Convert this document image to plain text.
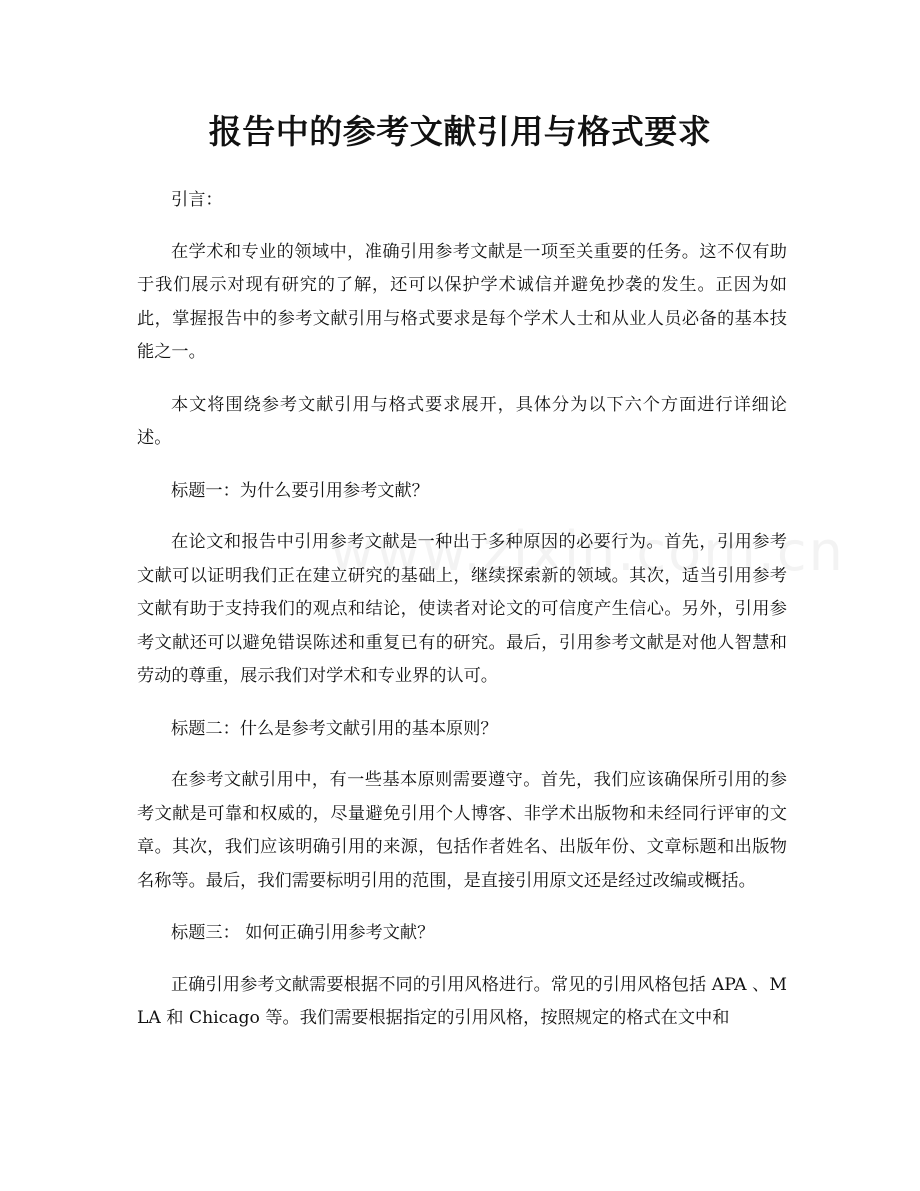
报告中的参考文献引用与格式要求

引言：

在学术和专业的领域中，准确引用参考文献是一项至关重要的任务。这不仅有助于我们展示对现有研究的了解，还可以保护学术诚信并避免抄袭的发生。正因为如此，掌握报告中的参考文献引用与格式要求是每个学术人士和从业人员必备的基本技能之一。

本文将围绕参考文献引用与格式要求展开，具体分为以下六个方面进行详细论述。

标题一：为什么要引用参考文献？

在论文和报告中引用参考文献是一种出于多种原因的必要行为。首先，引用参考文献可以证明我们正在建立研究的基础上，继续探索新的领域。其次，适当引用参考文献有助于支持我们的观点和结论，使读者对论文的可信度产生信心。另外，引用参考文献还可以避免错误陈述和重复已有的研究。最后，引用参考文献是对他人智慧和劳动的尊重，展示我们对学术和专业界的认可。

标题二：什么是参考文献引用的基本原则？

在参考文献引用中，有一些基本原则需要遵守。首先，我们应该确保所引用的参考文献是可靠和权威的，尽量避免引用个人博客、非学术出版物和未经同行评审的文章。其次，我们应该明确引用的来源，包括作者姓名、出版年份、文章标题和出版物名称等。最后，我们需要标明引用的范围，是直接引用原文还是经过改编或概括。

标题三： 如何正确引用参考文献？

正确引用参考文献需要根据不同的引用风格进行。常见的引用风格包括 APA 、MLA 和 Chicago 等。我们需要根据指定的引用风格，按照规定的格式在文中和
